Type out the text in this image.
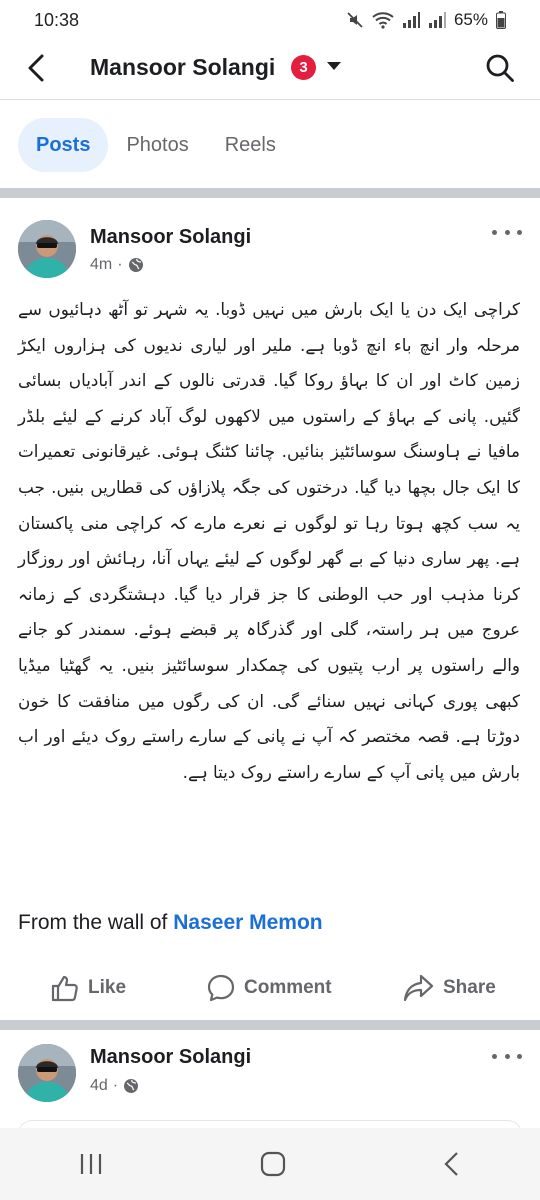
10:38	65%
Mansoor Solangi	3
Posts	Photos	Reels
Mansoor Solangi
4m ·
کراچی ایک دن یا ایک بارش میں نہیں ڈوبا. یہ شہر تو آٹھ دہائیوں سے مرحلہ وار انچ باء انچ ڈوبا ہے. ملیر اور لیاری ندیوں کی ہزاروں ایکڑ زمین کاٹ اور ان کا بہاؤ روکا گیا. قدرتی نالوں کے اندر آبادیاں بسائی گئیں. پانی کے بہاؤ کے راستوں میں لاکھوں لوگ آباد کرنے کے لیئے بلڈر مافیا نے ہاوسنگ سوسائٹیز بنائیں. چائنا کٹنگ ہوئی. غیرقانونی تعمیرات کا ایک جال بچھا دیا گیا. درختوں کی جگہ پلازاؤں کی قطاریں بنیں. جب یہ سب کچھ ہوتا رہا تو لوگوں نے نعرے مارے کہ کراچی منی پاکستان ہے. پھر ساری دنیا کے بے گھر لوگوں کے لیئے یہاں آنا، رہائش اور روزگار کرنا مذہب اور حب الوطنی کا جز قرار دیا گیا. دہشتگردی کے زمانہ عروج میں ہر راستہ، گلی اور گذرگاہ پر قبضے ہوئے. سمندر کو جانے والے راستوں پر ارب پتیوں کی چمکدار سوسائٹیز بنیں. یہ گھٹیا میڈیا کبھی پوری کہانی نہیں سنائے گی. ان کی رگوں میں منافقت کا خون دوڑتا ہے. قصہ مختصر کہ آپ نے پانی کے سارے راستے روک دیئے اور اب بارش میں پانی آپ کے سارے راستے روک دیتا ہے.
From the wall of Naseer Memon
Like	Comment	Share
Mansoor Solangi
4d ·
